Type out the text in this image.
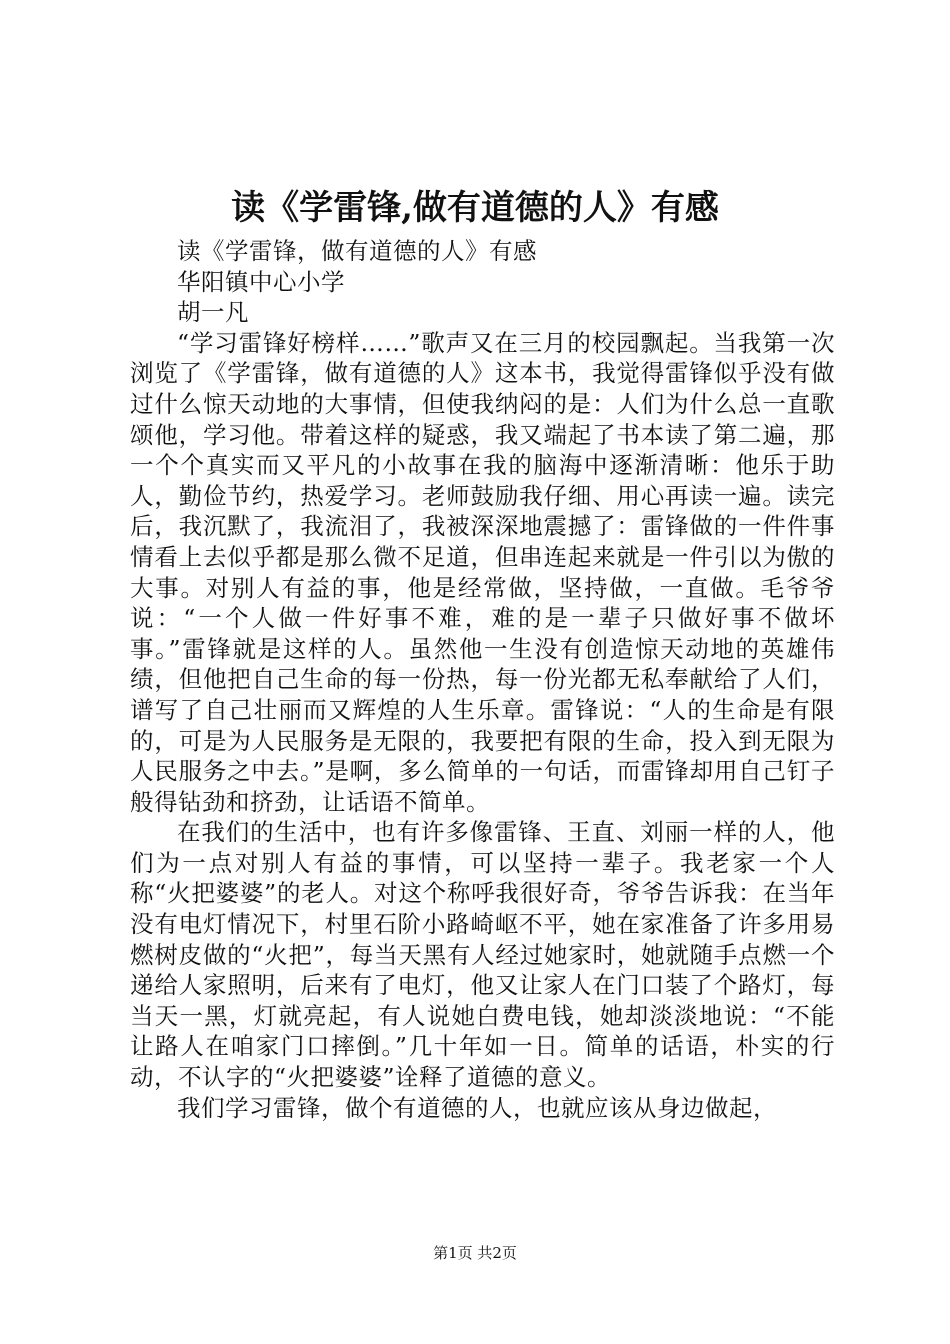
读《学雷锋,做有道德的人》有感

读《学雷锋，做有道德的人》有感

华阳镇中心小学

胡一凡

“学习雷锋好榜样……”歌声又在三月的校园飘起。当我第一次浏览了《学雷锋，做有道德的人》这本书，我觉得雷锋似乎没有做过什么惊天动地的大事情，但使我纳闷的是：人们为什么总一直歌颂他，学习他。带着这样的疑惑，我又端起了书本读了第二遍，那一个个真实而又平凡的小故事在我的脑海中逐渐清晰：他乐于助人，勤俭节约，热爱学习。老师鼓励我仔细、用心再读一遍。读完后，我沉默了，我流泪了，我被深深地震撼了：雷锋做的一件件事情看上去似乎都是那么微不足道，但串连起来就是一件引以为傲的大事。对别人有益的事，他是经常做，坚持做，一直做。毛爷爷说：“一个人做一件好事不难，难的是一辈子只做好事不做坏事。”雷锋就是这样的人。虽然他一生没有创造惊天动地的英雄伟绩，但他把自己生命的每一份热，每一份光都无私奉献给了人们，谱写了自己壮丽而又辉煌的人生乐章。雷锋说：“人的生命是有限的，可是为人民服务是无限的，我要把有限的生命，投入到无限为人民服务之中去。”是啊，多么简单的一句话，而雷锋却用自己钉子般得钻劲和挤劲，让话语不简单。

在我们的生活中，也有许多像雷锋、王直、刘丽一样的人，他们为一点对别人有益的事情，可以坚持一辈子。我老家一个人称“火把婆婆”的老人。对这个称呼我很好奇，爷爷告诉我：在当年没有电灯情况下，村里石阶小路崎岖不平，她在家准备了许多用易燃树皮做的“火把”，每当天黑有人经过她家时，她就随手点燃一个递给人家照明，后来有了电灯，他又让家人在门口装了个路灯，每当天一黑，灯就亮起，有人说她白费电钱，她却淡淡地说：“不能让路人在咱家门口摔倒。”几十年如一日。简单的话语，朴实的行动，不认字的“火把婆婆”诠释了道德的意义。

我们学习雷锋，做个有道德的人，也就应该从身边做起，

第1页 共2页
